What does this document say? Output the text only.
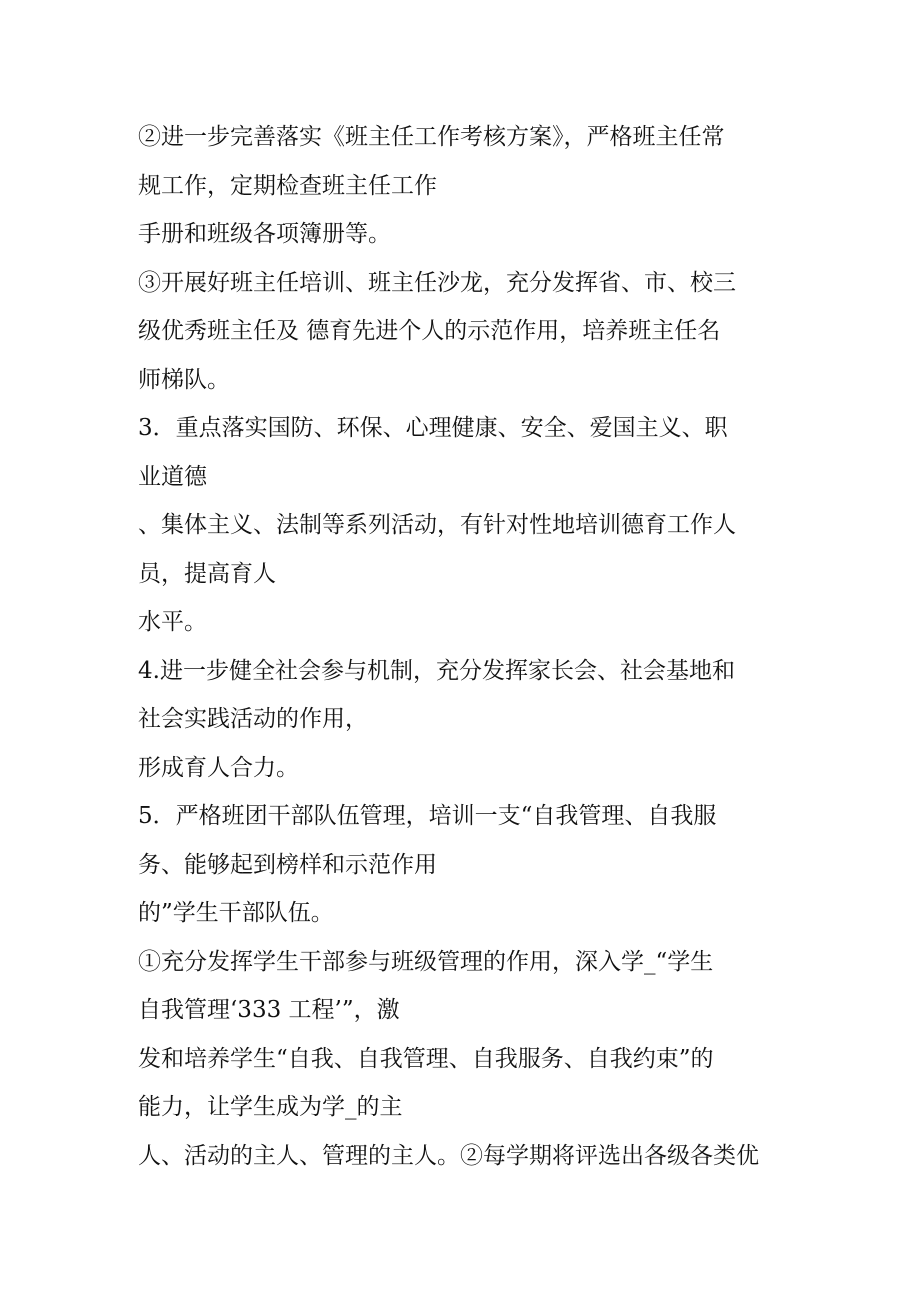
②进一步完善落实《班主任工作考核方案》，严格班主任常
规工作，定期检查班主任工作
手册和班级各项簿册等。
③开展好班主任培训、班主任沙龙，充分发挥省、市、校三
级优秀班主任及 德育先进个人的示范作用，培养班主任名
师梯队。
3．重点落实国防、环保、心理健康、安全、爱国主义、职
业道德
、集体主义、法制等系列活动，有针对性地培训德育工作人
员，提高育人
水平。
4.进一步健全社会参与机制，充分发挥家长会、社会基地和
社会实践活动的作用，
形成育人合力。
5．严格班团干部队伍管理，培训一支“自我管理、自我服
务、能够起到榜样和示范作用
的”学生干部队伍。
①充分发挥学生干部参与班级管理的作用，深入学_“学生
自我管理‘333 工程’”，激
发和培养学生“自我、自我管理、自我服务、自我约束”的
能力，让学生成为学_的主
人、活动的主人、管理的主人。②每学期将评选出各级各类优
